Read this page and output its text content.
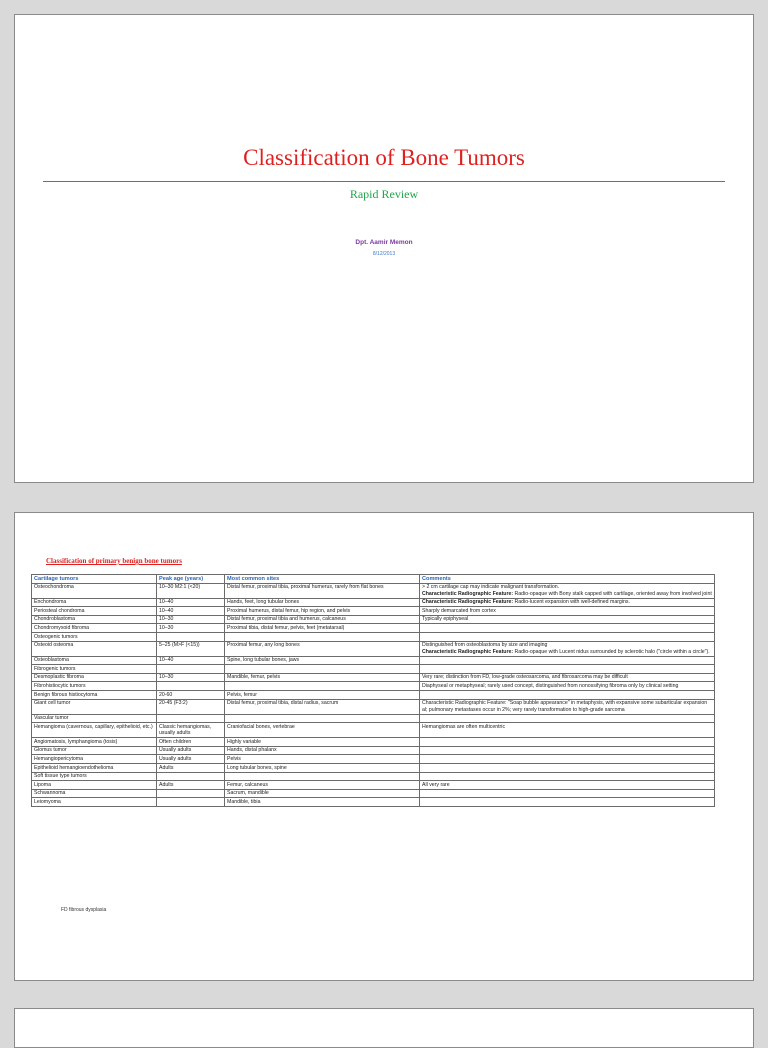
Classification of Bone Tumors
Rapid Review
Dpt. Aamir Memon
8/12/2013
Classification of primary benign bone tumors
Cartilage tumors	Peak age (years)	Most common sites	Comments
Osteochondroma	10–30 M2:1 (<20)	Distal femur, proximal tibia, proximal humerus, rarely from flat bones	> 2 cm cartilage cap may indicate malignant transformation.
Characteristic Radiographic Feature: Radio-opaque with Bony stalk capped with cartilage, oriented away from involved joint
Enchondroma	10–40	Hands, feet, long tubular bones	Characteristic Radiographic Feature: Radio-lucent expansion with well-defined margins.
Periosteal chondroma	10–40	Proximal humerus, distal femur, hip region, and pelvis	Sharply demarcated from cortex
Chondroblastoma	10–30	Distal femur, proximal tibia and humerus, calcaneus	Typically epiphyseal
Chondromyxoid fibroma	10–30	Proximal tibia, distal femur, pelvis, feet (metatarsal)	
Osteogenic tumors			
Osteoid osteoma	5–25 (M>F (<15))	Proximal femur, any long bones	Distinguished from osteoblastoma by size and imaging
Characteristic Radiographic Feature: Radio-opaque with Lucent nidus surrounded by sclerotic halo ("circle within a circle").
Osteoblastoma	10–40	Spine, long tubular bones, jaws	
Fibrogenic tumors			
Desmoplastic fibroma	10–30	Mandible, femur, pelvis	Very rare; distinction from FD, low-grade osteosarcoma, and fibrosarcoma may be difficult
Fibrohistiocytic tumors			Diaphyseal or metaphyseal; rarely used concept, distinguished from nonossifying fibroma only by clinical setting
Benign fibrous histiocytoma	20-60	Pelvis, femur	
Giant cell tumor	20-45 (F3:2)	Distal femur, proximal tibia, distal radius, sacrum	Characteristic Radiographic Feature: "Soap bubble appearance" in metaphysis, with expansive some subarticular expansion al; pulmonary metastases occur in 2%; very rarely transformation to high-grade sarcoma
Vascular tumor			
Hemangioma (cavernous, capillary, epithelioid, etc.)	Classic hemangiomas, usually adults	Craniofacial bones, vertebrae	Hemangiomas are often multicentric
Angiomatosis, lymphangioma (tosis)	Often children	Highly variable	
Glomus tumor	Usually adults	Hands, distal phalanx	
Hemangiopericytoma	Usually adults	Pelvis	
Epithelioid hemangioendothelioma	Adults	Long tubular bones, spine	
Soft tissue type tumors			
Lipoma	Adults	Femur, calcaneus	All very rare
Schwannoma		Sacrum, mandible	
Leiomyoma		Mandible, tibia	
FD fibrous dysplasia
